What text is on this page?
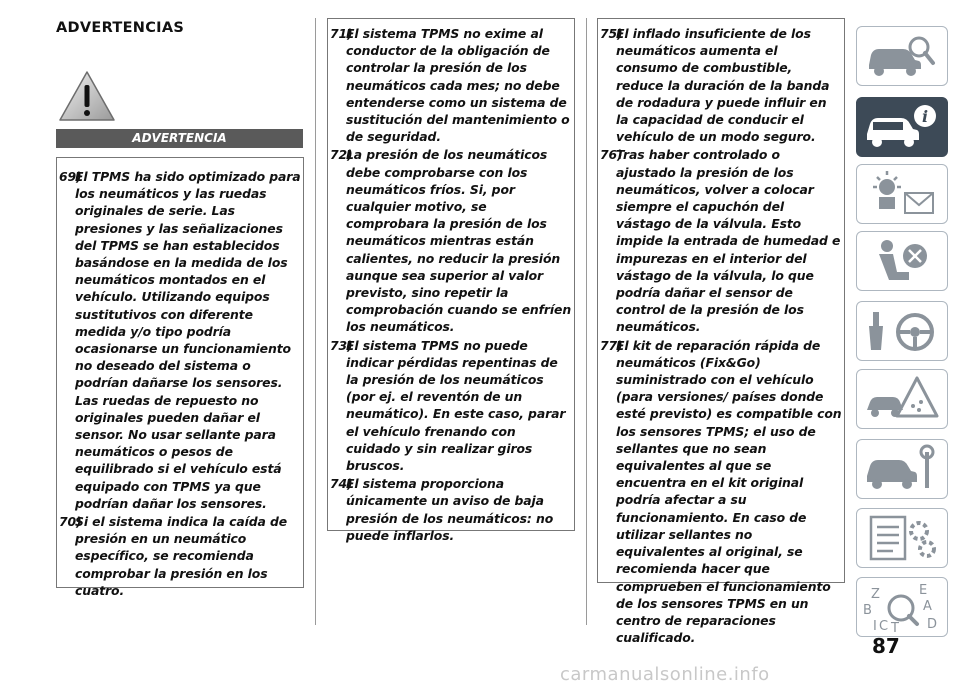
ADVERTENCIAS
ADVERTENCIA
69)
El TPMS ha sido optimizado para los neumáticos y las ruedas originales de serie. Las presiones y las señalizaciones del TPMS se han establecidos basándose en la medida de los neumáticos montados en el vehículo. Utilizando equipos sustitutivos con diferente medida y/o tipo podría ocasionarse un funcionamiento no deseado del sistema o podrían dañarse los sensores. Las ruedas de repuesto no originales pueden dañar el sensor. No usar sellante para neumáticos o pesos de equilibrado si el vehículo está equipado con TPMS ya que podrían dañar los sensores.
70)
Si el sistema indica la caída de presión en un neumático específico, se recomienda comprobar la presión en los cuatro.
71)
El sistema TPMS no exime al conductor de la obligación de controlar la presión de los neumáticos cada mes; no debe entenderse como un sistema de sustitución del mantenimiento o de seguridad.
72)
La presión de los neumáticos debe comprobarse con los neumáticos fríos. Si, por cualquier motivo, se comprobara la presión de los neumáticos mientras están calientes, no reducir la presión aunque sea superior al valor previsto, sino repetir la comprobación cuando se enfríen los neumáticos.
73)
El sistema TPMS no puede indicar pérdidas repentinas de la presión de los neumáticos (por ej. el reventón de un neumático). En este caso, parar el vehículo frenando con cuidado y sin realizar giros bruscos.
74)
El sistema proporciona únicamente un aviso de baja presión de los neumáticos: no puede inflarlos.
75)
El inflado insuficiente de los neumáticos aumenta el consumo de combustible, reduce la duración de la banda de rodadura y puede influir en la capacidad de conducir el vehículo de un modo seguro.
76)
Tras haber controlado o ajustado la presión de los neumáticos, volver a colocar siempre el capuchón del vástago de la válvula. Esto impide la entrada de humedad e impurezas en el interior del vástago de la válvula, lo que podría dañar el sensor de control de la presión de los neumáticos.
77)
El kit de reparación rápida de neumáticos (Fix&Go) suministrado con el vehículo (para versiones/ países donde esté previsto) es compatible con los sensores TPMS; el uso de sellantes que no sean equivalentes al que se encuentra en el kit original podría afectar a su funcionamiento. En caso de utilizar sellantes no equivalentes al original, se recomienda hacer que comprueben el funcionamiento de los sensores TPMS en un centro de reparaciones cualificado.
i
Z	E
A
B
C T D
I
87
carmanualsonline.info
